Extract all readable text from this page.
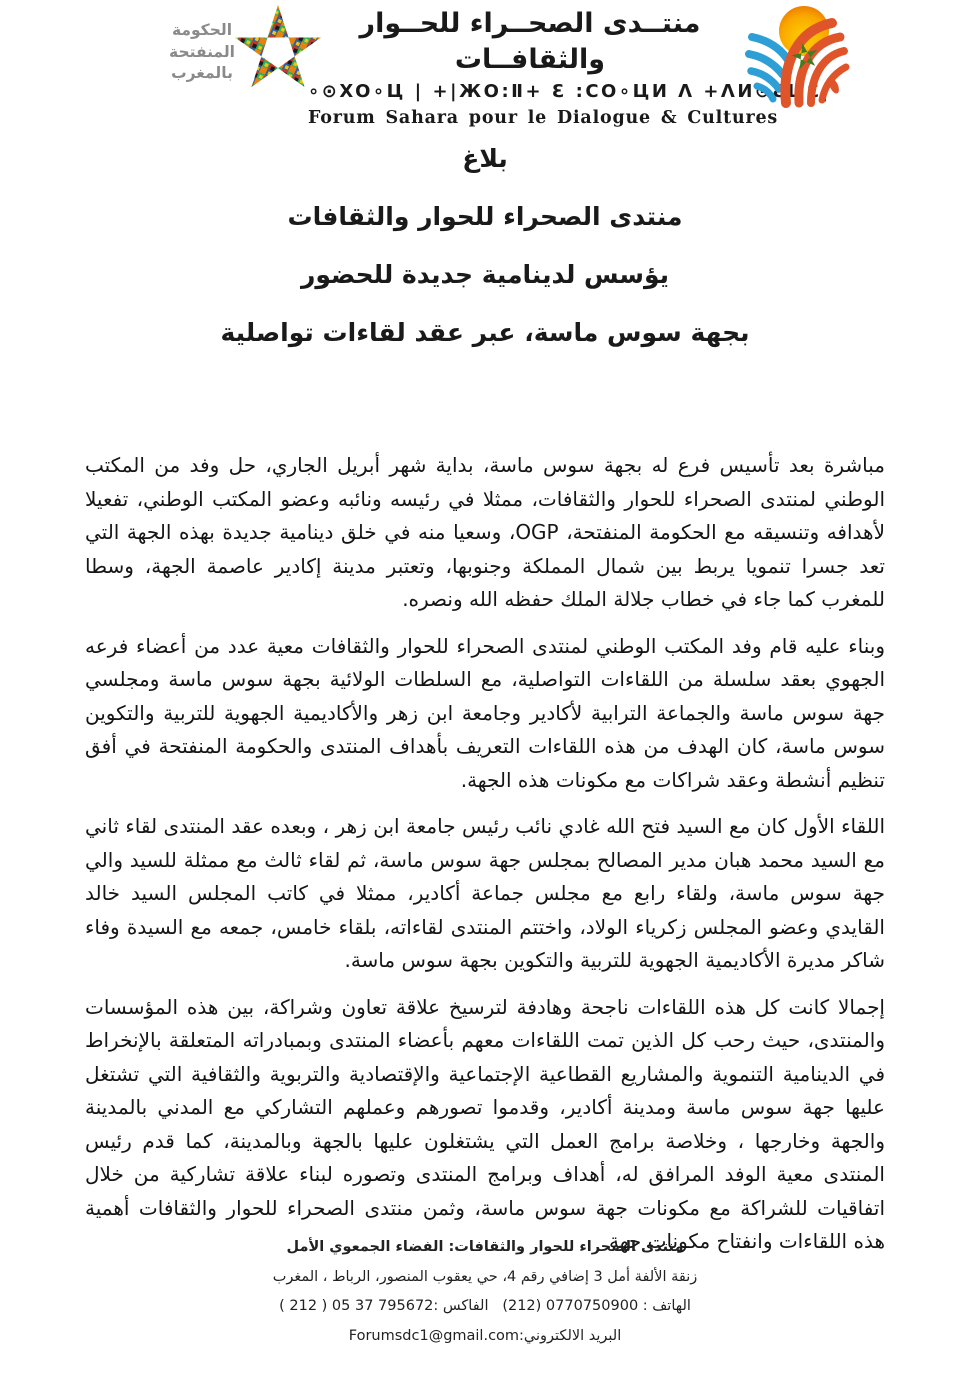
الحكومة
المنفتحة
بالمغرب
منتــدى الصحــراء للحــوار والثقافــات
∘⊙XO∘Ц | +|ЖO:Ⅱ+ Ɛ :CO∘ЦИ Λ +ΛИ⊙ƐЦƐ|
Forum Sahara pour le Dialogue & Cultures
بلاغ
منتدى الصحراء للحوار والثقافات
يؤسس لدينامية جديدة للحضور
بجهة سوس ماسة، عبر عقد لقاءات تواصلية

مباشرة بعد تأسيس فرع له بجهة سوس ماسة، بداية شهر أبريل الجاري، حل وفد من المكتب الوطني لمنتدى الصحراء للحوار والثقافات، ممثلا في رئيسه ونائبه وعضو المكتب الوطني، تفعيلا لأهدافه وتنسيقه مع الحكومة المنفتحة، OGP، وسعيا منه في خلق دينامية جديدة بهذه الجهة التي تعد جسرا تنمويا يربط بين شمال المملكة وجنوبها، وتعتبر مدينة إكادير عاصمة الجهة، وسطا للمغرب كما جاء في خطاب جلالة الملك حفظه الله ونصره.

وبناء عليه قام وفد المكتب الوطني لمنتدى الصحراء للحوار والثقافات معية عدد من أعضاء فرعه الجهوي بعقد سلسلة من اللقاءات التواصلية، مع السلطات الولائية بجهة سوس ماسة ومجلسي جهة سوس ماسة والجماعة الترابية لأكادير وجامعة ابن زهر والأكاديمية الجهوية للتربية والتكوين سوس ماسة، كان الهدف من هذه اللقاءات التعريف بأهداف المنتدى والحكومة المنفتحة في أفق تنظيم أنشطة وعقد شراكات مع مكونات هذه الجهة.

اللقاء الأول كان مع السيد فتح الله غادي نائب رئيس جامعة ابن زهر ، وبعده عقد المنتدى لقاء ثاني مع السيد محمد هبان مدير المصالح بمجلس جهة سوس ماسة، ثم لقاء ثالث مع ممثلة للسيد والي جهة سوس ماسة، ولقاء رابع مع مجلس جماعة أكادير، ممثلا في كاتب المجلس السيد خالد القايدي وعضو المجلس زكرياء الولاد، واختتم المنتدى لقاءاته، بلقاء خامس، جمعه مع السيدة وفاء شاكر مديرة الأكاديمية الجهوية للتربية والتكوين بجهة سوس ماسة.

إجمالا كانت كل هذه اللقاءات ناجحة وهادفة لترسيخ علاقة تعاون وشراكة، بين هذه المؤسسات والمنتدى، حيث رحب كل الذين تمت اللقاءات معهم بأعضاء المنتدى وبمبادراته المتعلقة بالإنخراط في الدينامية التنموية والمشاريع القطاعية الإجتماعية والإقتصادية والتربوية والثقافية التي تشتغل عليها جهة سوس ماسة ومدينة أكادير، وقدموا تصورهم وعملهم التشاركي مع المدني بالمدينة والجهة وخارجها ، وخلاصة برامج العمل التي يشتغلون عليها بالجهة وبالمدينة، كما قدم رئيس المنتدى معية الوفد المرافق له، أهداف وبرامج المنتدى وتصوره لبناء علاقة تشاركية من خلال اتفاقيات للشراكة مع مكونات جهة سوس ماسة، وثمن منتدى الصحراء للحوار والثقافات أهمية هذه اللقاءات وانفتاح مكونات جهة

منتدى الصحراء للحوار والثقافات: الفضاء الجمعوي الأمل
زنقة الألفة أمل 3 إضافي رقم 4، حي يعقوب المنصور، الرباط ، المغرب
الهاتف : (212) 0770750900   الفاكس :( 212 ) 05 37 795672
البريد الالكتروني:Forumsdc1@gmail.com
